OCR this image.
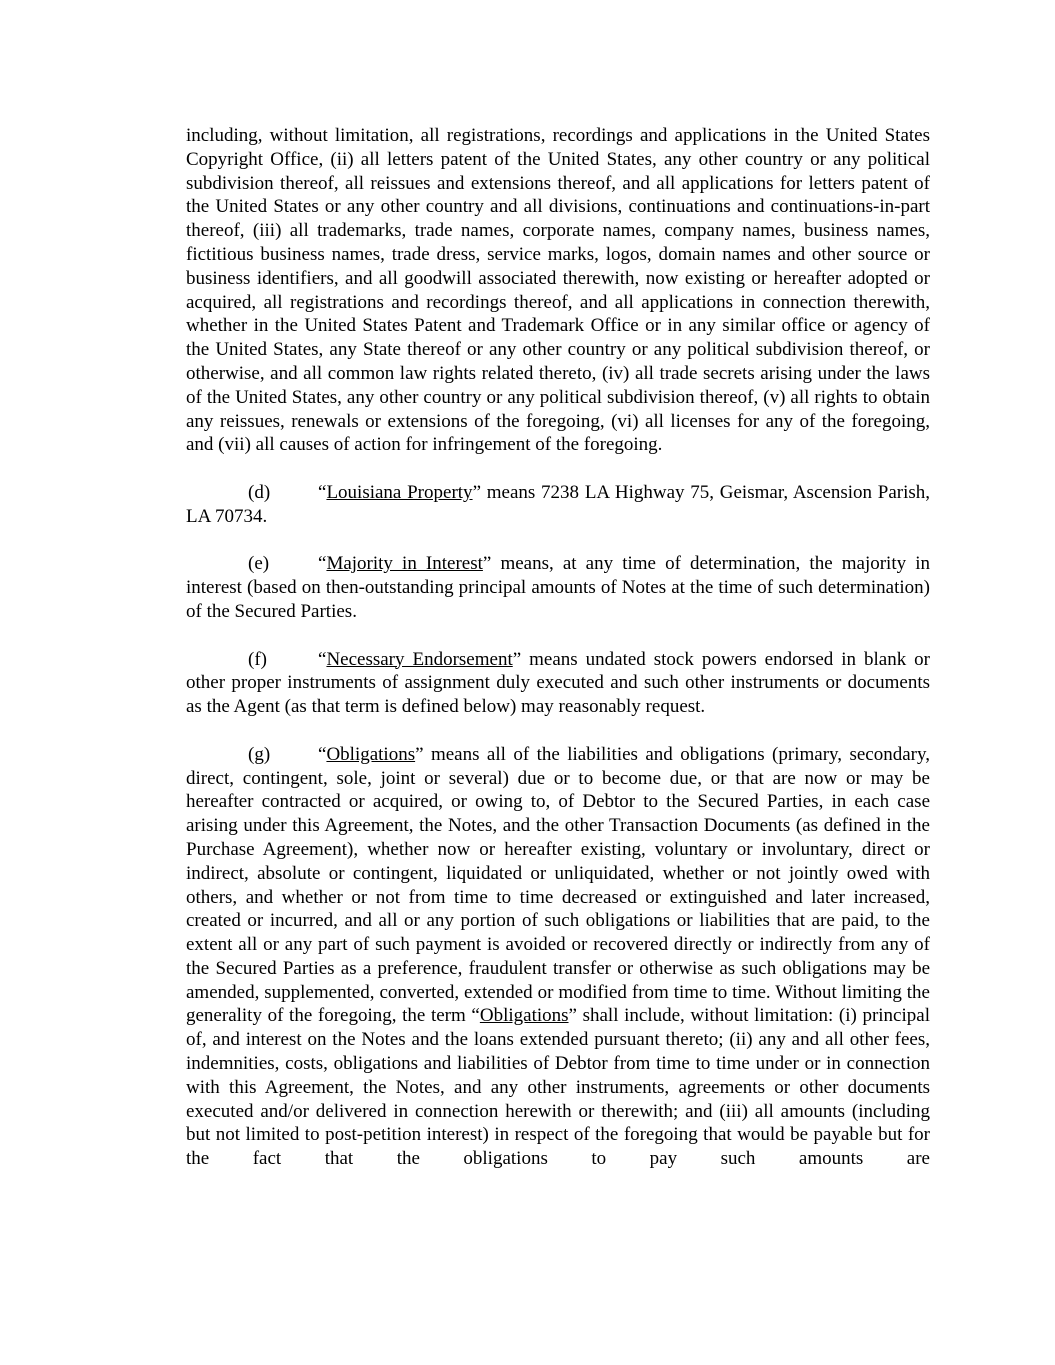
including, without limitation, all registrations, recordings and applications in the United States Copyright Office, (ii) all letters patent of the United States, any other country or any political subdivision thereof, all reissues and extensions thereof, and all applications for letters patent of the United States or any other country and all divisions, continuations and continuations-in-part thereof, (iii) all trademarks, trade names, corporate names, company names, business names, fictitious business names, trade dress, service marks, logos, domain names and other source or business identifiers, and all goodwill associated therewith, now existing or hereafter adopted or acquired, all registrations and recordings thereof, and all applications in connection therewith, whether in the United States Patent and Trademark Office or in any similar office or agency of the United States, any State thereof or any other country or any political subdivision thereof, or otherwise, and all common law rights related thereto, (iv) all trade secrets arising under the laws of the United States, any other country or any political subdivision thereof, (v) all rights to obtain any reissues, renewals or extensions of the foregoing, (vi) all licenses for any of the foregoing, and (vii) all causes of action for infringement of the foregoing.

(d)	“Louisiana Property” means 7238 LA Highway 75, Geismar, Ascension Parish, LA 70734.

(e)	“Majority in Interest” means, at any time of determination, the majority in interest (based on then-outstanding principal amounts of Notes at the time of such determination) of the Secured Parties.

(f)	“Necessary Endorsement” means undated stock powers endorsed in blank or other proper instruments of assignment duly executed and such other instruments or documents as the Agent (as that term is defined below) may reasonably request.

(g)	“Obligations” means all of the liabilities and obligations (primary, secondary, direct, contingent, sole, joint or several) due or to become due, or that are now or may be hereafter contracted or acquired, or owing to, of Debtor to the Secured Parties, in each case arising under this Agreement, the Notes, and the other Transaction Documents (as defined in the Purchase Agreement), whether now or hereafter existing, voluntary or involuntary, direct or indirect, absolute or contingent, liquidated or unliquidated, whether or not jointly owed with others, and whether or not from time to time decreased or extinguished and later increased, created or incurred, and all or any portion of such obligations or liabilities that are paid, to the extent all or any part of such payment is avoided or recovered directly or indirectly from any of the Secured Parties as a preference, fraudulent transfer or otherwise as such obligations may be amended, supplemented, converted, extended or modified from time to time. Without limiting the generality of the foregoing, the term “Obligations” shall include, without limitation: (i) principal of, and interest on the Notes and the loans extended pursuant thereto; (ii) any and all other fees, indemnities, costs, obligations and liabilities of Debtor from time to time under or in connection with this Agreement, the Notes, and any other instruments, agreements or other documents executed and/or delivered in connection herewith or therewith; and (iii) all amounts (including but not limited to post-petition interest) in respect of the foregoing that would be payable but for the fact that the obligations to pay such amounts are
